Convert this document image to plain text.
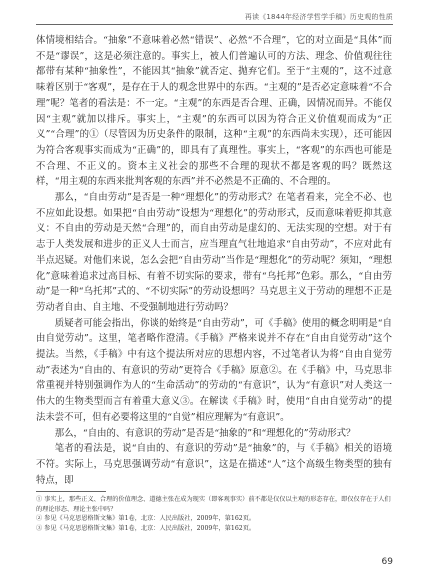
再读《1844年经济学哲学手稿》历史观的性质

体情境相结合。“抽象”不意味着必然“错误”、必然“不合理”，它的对立面是“具体”而不是“谬误”，这是必须注意的。事实上，被人们普遍认可的方法、理念、价值观往往都带有某种“抽象性”，不能因其“抽象”就否定、抛弃它们。至于“主观的”，这不过意味着区别于“客观”，是存在于人的观念世界中的东西。“主观的”是否必定意味着“不合理”呢？笔者的看法是：不一定。“主观”的东西是否合理、正确，因情况而异。不能仅因“主观”就加以排斥。事实上，“主观”的东西可以因为符合正义价值观而成为“正义”“合理”的①（尽管因为历史条件的限制，这种“主观”的东西尚未实现），还可能因为符合客观事实而成为“正确”的，即具有了真理性。事实上，“客观”的东西也可能是不合理、不正义的。资本主义社会的那些不合理的现状不都是客观的吗？既然这样，“用主观的东西来批判客观的东西”并不必然是不正确的、不合理的。

那么，“自由劳动”是否是一种“理想化”的劳动形式？在笔者看来，完全不必、也不应如此设想。如果把“自由劳动”设想为“理想化”的劳动形式，反而意味着贬抑其意义：不自由的劳动是天然“合理”的，而自由劳动是虚幻的、无法实现的空想。对于有志于人类发展和进步的正义人士而言，应当理直气壮地追求“自由劳动”，不应对此有半点迟疑。对他们来说，怎么会把“自由劳动”当作是“理想化”的劳动呢？须知，“理想化”意味着追求过高目标、有着不切实际的要求，带有“乌托邦”色彩。那么，“自由劳动”是一种“乌托邦”式的、“不切实际”的劳动设想吗？马克思主义于劳动的理想不正是劳动者自由、自主地、不受强制地进行劳动吗？

质疑者可能会指出，你谈的始终是“自由劳动”，可《手稿》使用的概念明明是“自由自觉劳动”。这里，笔者略作澄清。《手稿》严格来说并不存在“自由自觉劳动”这个提法。当然，《手稿》中有这个提法所对应的思想内容，不过笔者认为将“自由自觉劳动”表述为“自由的、有意识的劳动”更符合《手稿》原意②。在《手稿》中，马克思非常重视并特别强调作为人的“生命活动”的劳动的“有意识”，认为“有意识”对人类这一伟大的生物类型而言有着重大意义③。在解读《手稿》时，使用“自由自觉劳动”的提法未尝不可，但有必要将这里的“自觉”相应理解为“有意识”。

那么，“自由的、有意识的劳动”是否是“抽象的”和“理想化的”劳动形式？

笔者的看法是，说“自由的、有意识的劳动”是“抽象”的，与《手稿》相关的语境不符。实际上，马克思强调劳动“有意识”，这是在描述“人”这个高级生物类型的独有特点，即

① 事实上，那些正义、合理的价值理念、道德主张在成为现实（即客观事实）前不都是仅仅以主观的形态存在，即仅仅存在于人们的理论形态、理论主张中吗？

② 参见《马克思恩格斯文集》第1卷，北京：人民出版社，2009年，第162页。

③ 参见《马克思恩格斯文集》第1卷，北京：人民出版社，2009年，第162页。

69
